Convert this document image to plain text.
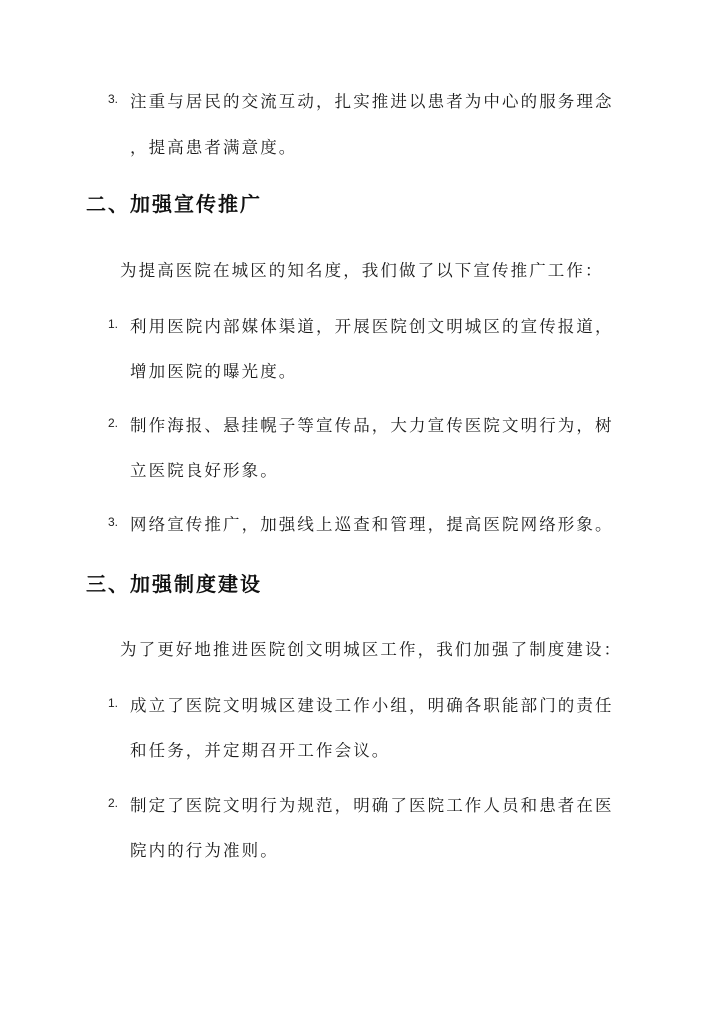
3. 注重与居民的交流互动，扎实推进以患者为中心的服务理念
，提高患者满意度。
二、加强宣传推广
为提高医院在城区的知名度，我们做了以下宣传推广工作：
1. 利用医院内部媒体渠道，开展医院创文明城区的宣传报道，
增加医院的曝光度。
2. 制作海报、悬挂幌子等宣传品，大力宣传医院文明行为，树
立医院良好形象。
3. 网络宣传推广，加强线上巡查和管理，提高医院网络形象。
三、加强制度建设
为了更好地推进医院创文明城区工作，我们加强了制度建设：
1. 成立了医院文明城区建设工作小组，明确各职能部门的责任
和任务，并定期召开工作会议。
2. 制定了医院文明行为规范，明确了医院工作人员和患者在医
院内的行为准则。
